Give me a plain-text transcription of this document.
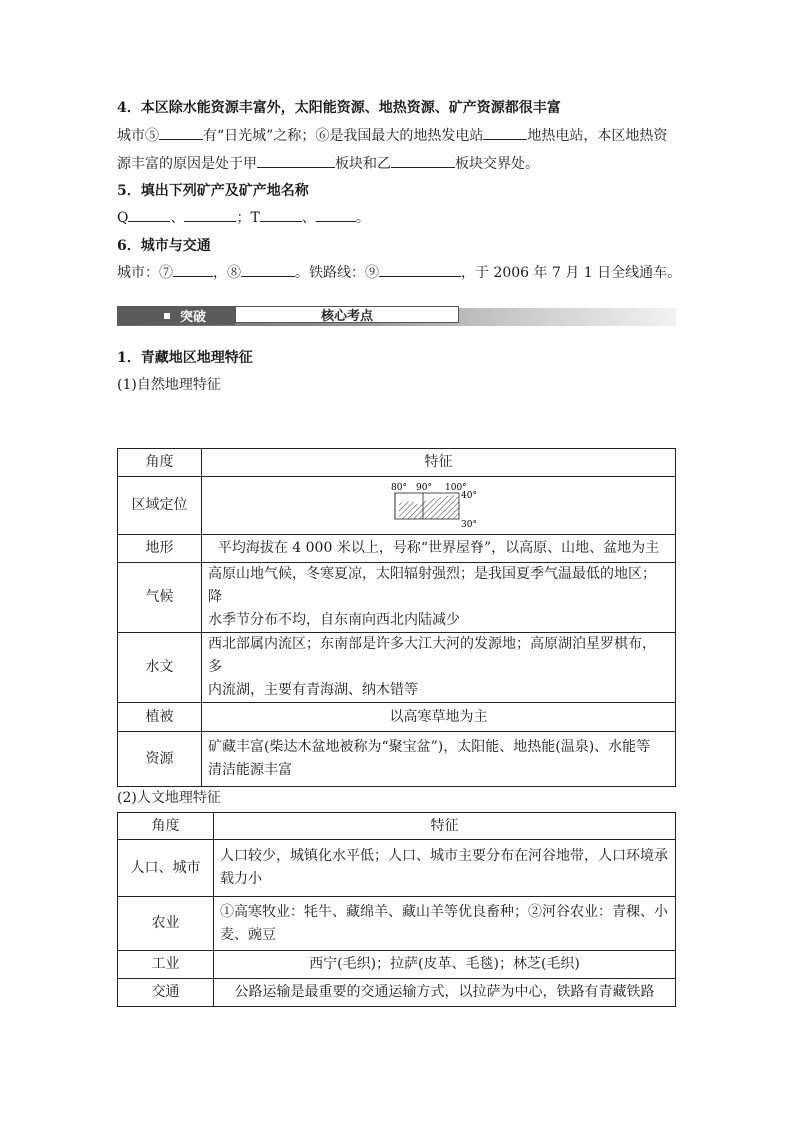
4．本区除水能资源丰富外，太阳能资源、地热资源、矿产资源都很丰富
城市⑤	有“日光城”之称；⑥是我国最大的地热发电站	地热电站，本区地热资
源丰富的原因是处于甲	板块和乙	板块交界处。
5．填出下列矿产及矿产地名称
Q	、	；T	、	。
6．城市与交通
城市：⑦	，⑧	。铁路线：⑨	，于 2006 年 7 月 1 日全线通车。
突破	核心考点
1．青藏地区地理特征
(1)自然地理特征
角度	特征
区域定位	80° 90° 100°
40°
30°

地形	平均海拔在 4 000 米以上，号称“世界屋脊”，以高原、山地、盆地为主
气候	高原山地气候，冬寒夏凉，太阳辐射强烈；是我国夏季气温最低的地区；降
水季节分布不均，自东南向西北内陆减少

水文	西北部属内流区；东南部是许多大江大河的发源地；高原湖泊星罗棋布，多
内流湖，主要有青海湖、纳木错等

植被	以高寒草地为主
资源	矿藏丰富(柴达木盆地被称为“聚宝盆”)，太阳能、地热能(温泉)、水能等
清洁能源丰富
(2)人文地理特征
角度	特征
人口、城市	人口较少，城镇化水平低；人口、城市主要分布在河谷地带，人口环境承
载力小

农业	①高寒牧业：牦牛、藏绵羊、藏山羊等优良畜种；②河谷农业：青稞、小
麦、豌豆

工业	西宁(毛织)；拉萨(皮革、毛毯)；林芝(毛织)
交通	公路运输是最重要的交通运输方式，以拉萨为中心，铁路有青藏铁路
